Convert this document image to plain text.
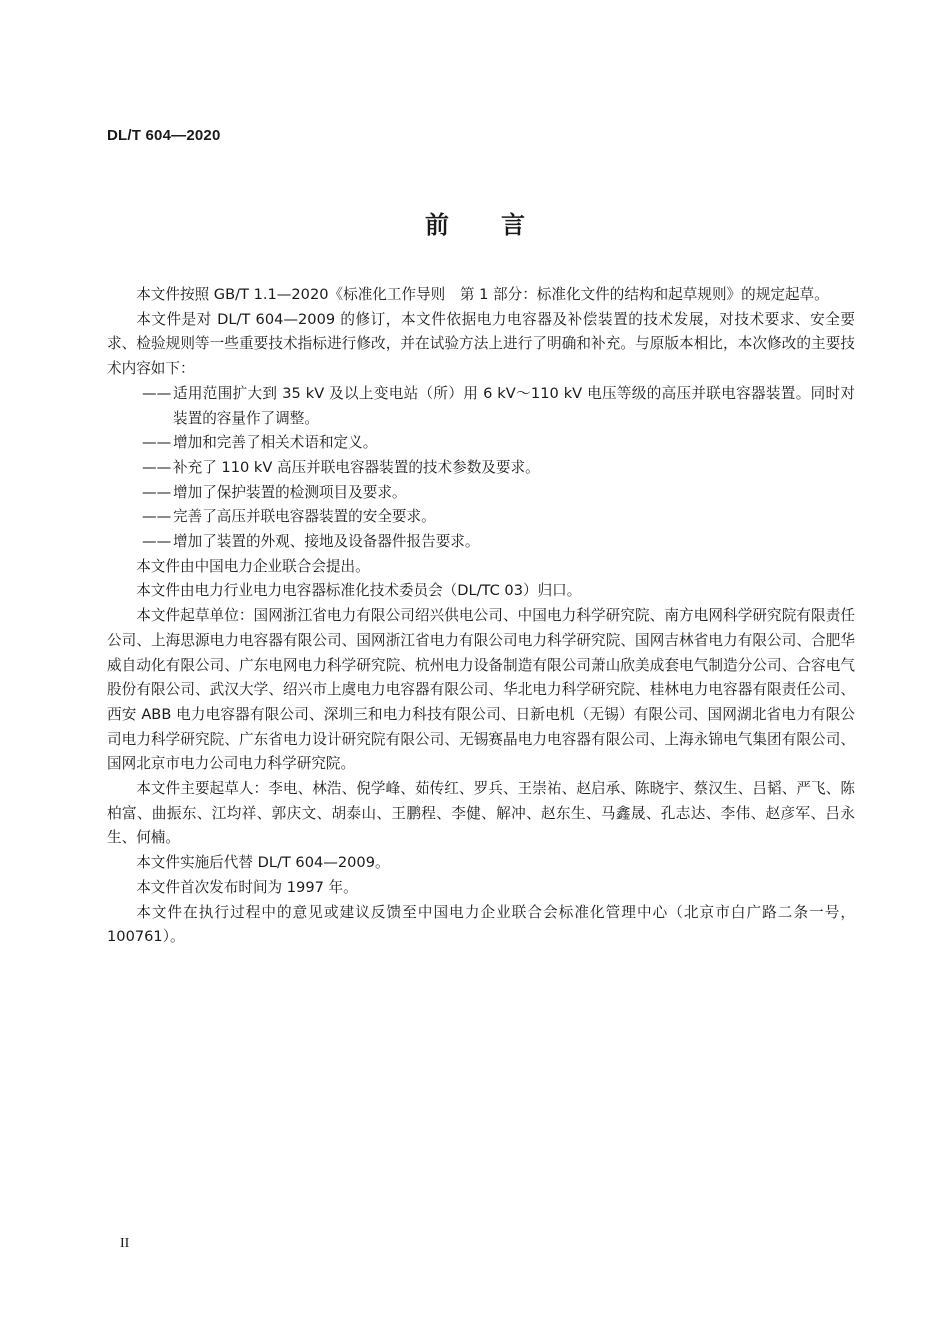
DL/T 604—2020
前言

本文件按照 GB/T 1.1—2020《标准化工作导则　第 1 部分：标准化文件的结构和起草规则》的规定起草。

本文件是对 DL/T 604—2009 的修订，本文件依据电力电容器及补偿装置的技术发展，对技术要求、安全要求、检验规则等一些重要技术指标进行修改，并在试验方法上进行了明确和补充。与原版本相比，本次修改的主要技术内容如下：

—— 适用范围扩大到 35 kV 及以上变电站（所）用 6 kV～110 kV 电压等级的高压并联电容器装置。同时对装置的容量作了调整。
—— 增加和完善了相关术语和定义。
—— 补充了 110 kV 高压并联电容器装置的技术参数及要求。
—— 增加了保护装置的检测项目及要求。
—— 完善了高压并联电容器装置的安全要求。
—— 增加了装置的外观、接地及设备器件报告要求。

本文件由中国电力企业联合会提出。

本文件由电力行业电力电容器标准化技术委员会（DL/TC 03）归口。

本文件起草单位：国网浙江省电力有限公司绍兴供电公司、中国电力科学研究院、南方电网科学研究院有限责任公司、上海思源电力电容器有限公司、国网浙江省电力有限公司电力科学研究院、国网吉林省电力有限公司、合肥华威自动化有限公司、广东电网电力科学研究院、杭州电力设备制造有限公司萧山欣美成套电气制造分公司、合容电气股份有限公司、武汉大学、绍兴市上虞电力电容器有限公司、华北电力科学研究院、桂林电力电容器有限责任公司、西安 ABB 电力电容器有限公司、深圳三和电力科技有限公司、日新电机（无锡）有限公司、国网湖北省电力有限公司电力科学研究院、广东省电力设计研究院有限公司、无锡赛晶电力电容器有限公司、上海永锦电气集团有限公司、国网北京市电力公司电力科学研究院。

本文件主要起草人：李电、林浩、倪学峰、茹传红、罗兵、王崇祐、赵启承、陈晓宇、蔡汉生、吕韬、严飞、陈柏富、曲振东、江均祥、郭庆文、胡泰山、王鹏程、李健、解冲、赵东生、马鑫晟、孔志达、李伟、赵彦军、吕永生、何楠。

本文件实施后代替 DL/T 604—2009。

本文件首次发布时间为 1997 年。

本文件在执行过程中的意见或建议反馈至中国电力企业联合会标准化管理中心（北京市白广路二条一号，100761）。

II
